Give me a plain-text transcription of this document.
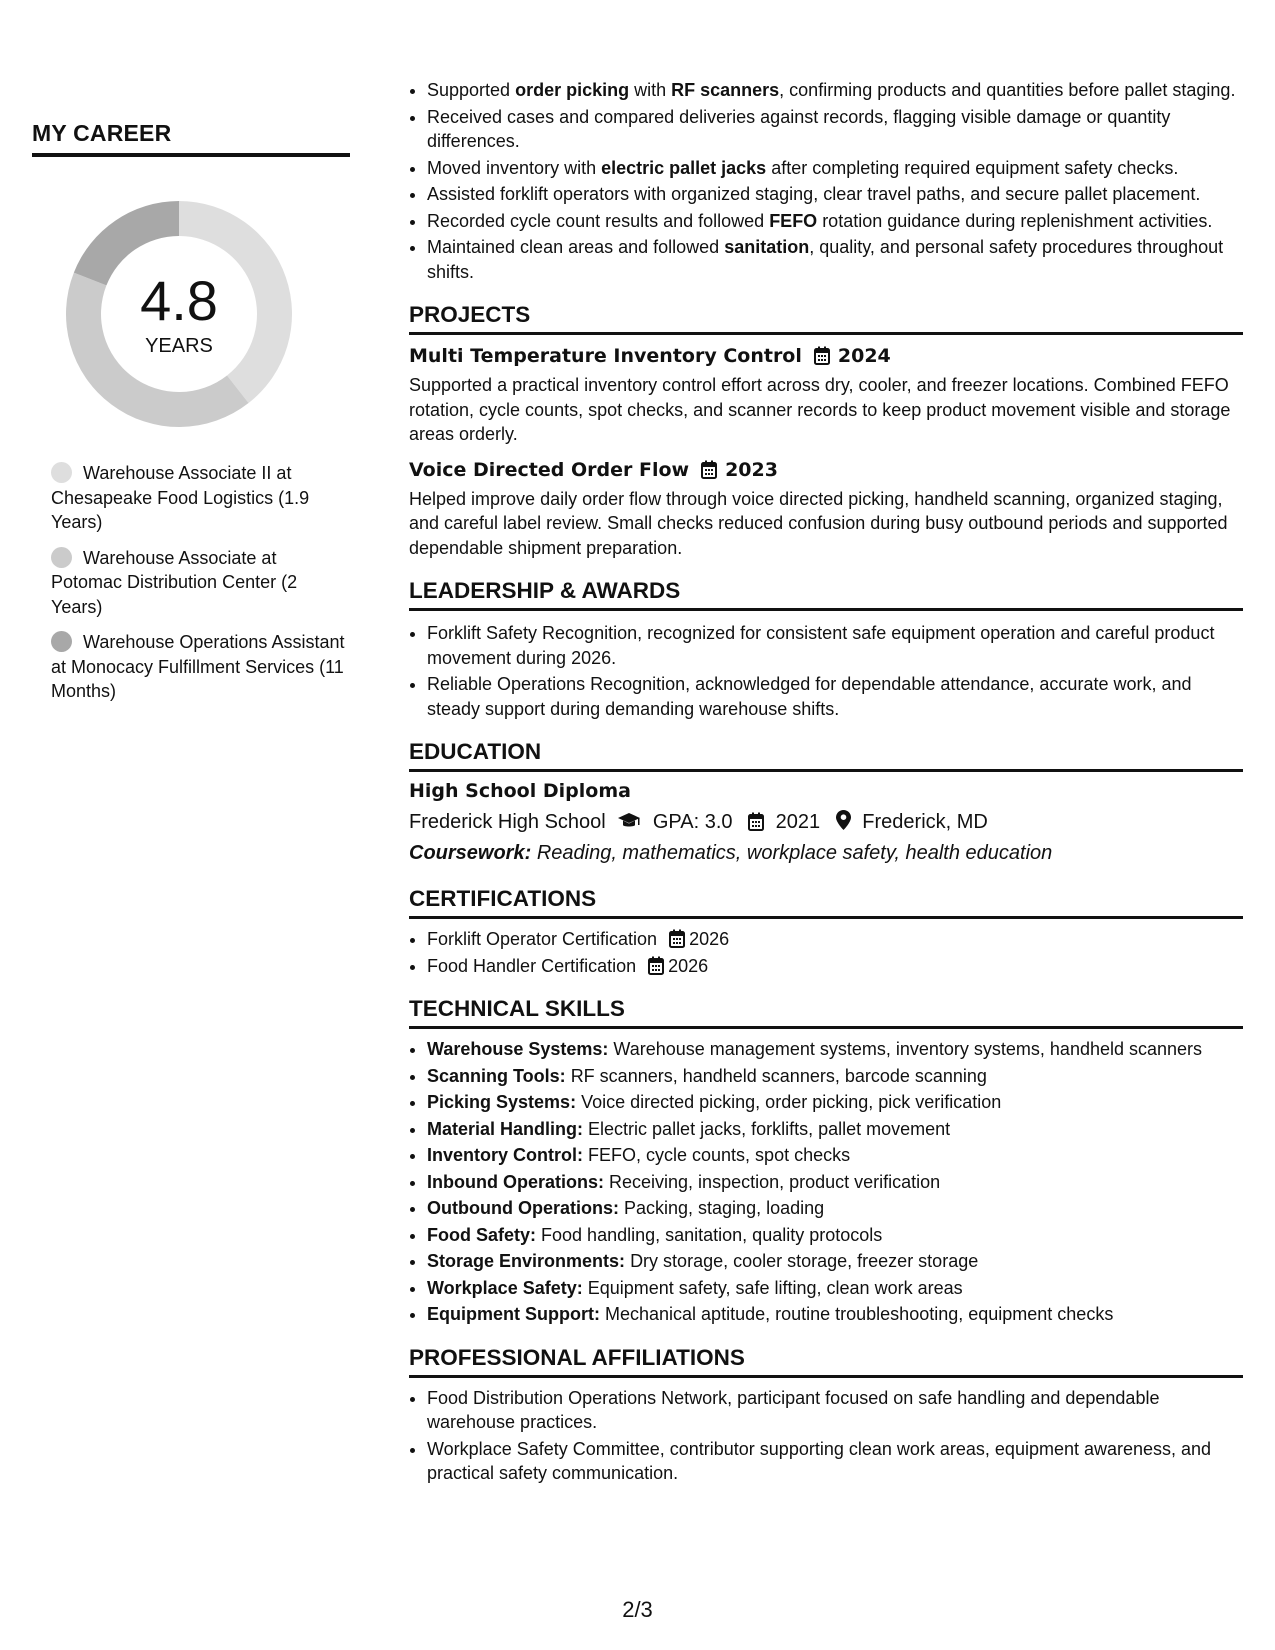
MY CAREER
4.8
YEARS
Warehouse Associate II at Chesapeake Food Logistics (1.9 Years)
Warehouse Associate at Potomac Distribution Center (2 Years)
Warehouse Operations Assistant at Monocacy Fulfillment Services (11 Months)
• Supported order picking with RF scanners, confirming products and quantities before pallet staging.
• Received cases and compared deliveries against records, flagging visible damage or quantity differences.
• Moved inventory with electric pallet jacks after completing required equipment safety checks.
• Assisted forklift operators with organized staging, clear travel paths, and secure pallet placement.
• Recorded cycle count results and followed FEFO rotation guidance during replenishment activities.
• Maintained clean areas and followed sanitation, quality, and personal safety procedures throughout shifts.
PROJECTS
Multi Temperature Inventory Control 2024
Supported a practical inventory control effort across dry, cooler, and freezer locations. Combined FEFO rotation, cycle counts, spot checks, and scanner records to keep product movement visible and storage areas orderly.
Voice Directed Order Flow 2023
Helped improve daily order flow through voice directed picking, handheld scanning, organized staging, and careful label review. Small checks reduced confusion during busy outbound periods and supported dependable shipment preparation.
LEADERSHIP & AWARDS
• Forklift Safety Recognition, recognized for consistent safe equipment operation and careful product movement during 2026.
• Reliable Operations Recognition, acknowledged for dependable attendance, accurate work, and steady support during demanding warehouse shifts.
EDUCATION
High School Diploma
Frederick High School GPA: 3.0 2021 Frederick, MD
Coursework: Reading, mathematics, workplace safety, health education
CERTIFICATIONS
• Forklift Operator Certification 2026
• Food Handler Certification 2026
TECHNICAL SKILLS
• Warehouse Systems: Warehouse management systems, inventory systems, handheld scanners
• Scanning Tools: RF scanners, handheld scanners, barcode scanning
• Picking Systems: Voice directed picking, order picking, pick verification
• Material Handling: Electric pallet jacks, forklifts, pallet movement
• Inventory Control: FEFO, cycle counts, spot checks
• Inbound Operations: Receiving, inspection, product verification
• Outbound Operations: Packing, staging, loading
• Food Safety: Food handling, sanitation, quality protocols
• Storage Environments: Dry storage, cooler storage, freezer storage
• Workplace Safety: Equipment safety, safe lifting, clean work areas
• Equipment Support: Mechanical aptitude, routine troubleshooting, equipment checks
PROFESSIONAL AFFILIATIONS
• Food Distribution Operations Network, participant focused on safe handling and dependable warehouse practices.
• Workplace Safety Committee, contributor supporting clean work areas, equipment awareness, and practical safety communication.
2/3
